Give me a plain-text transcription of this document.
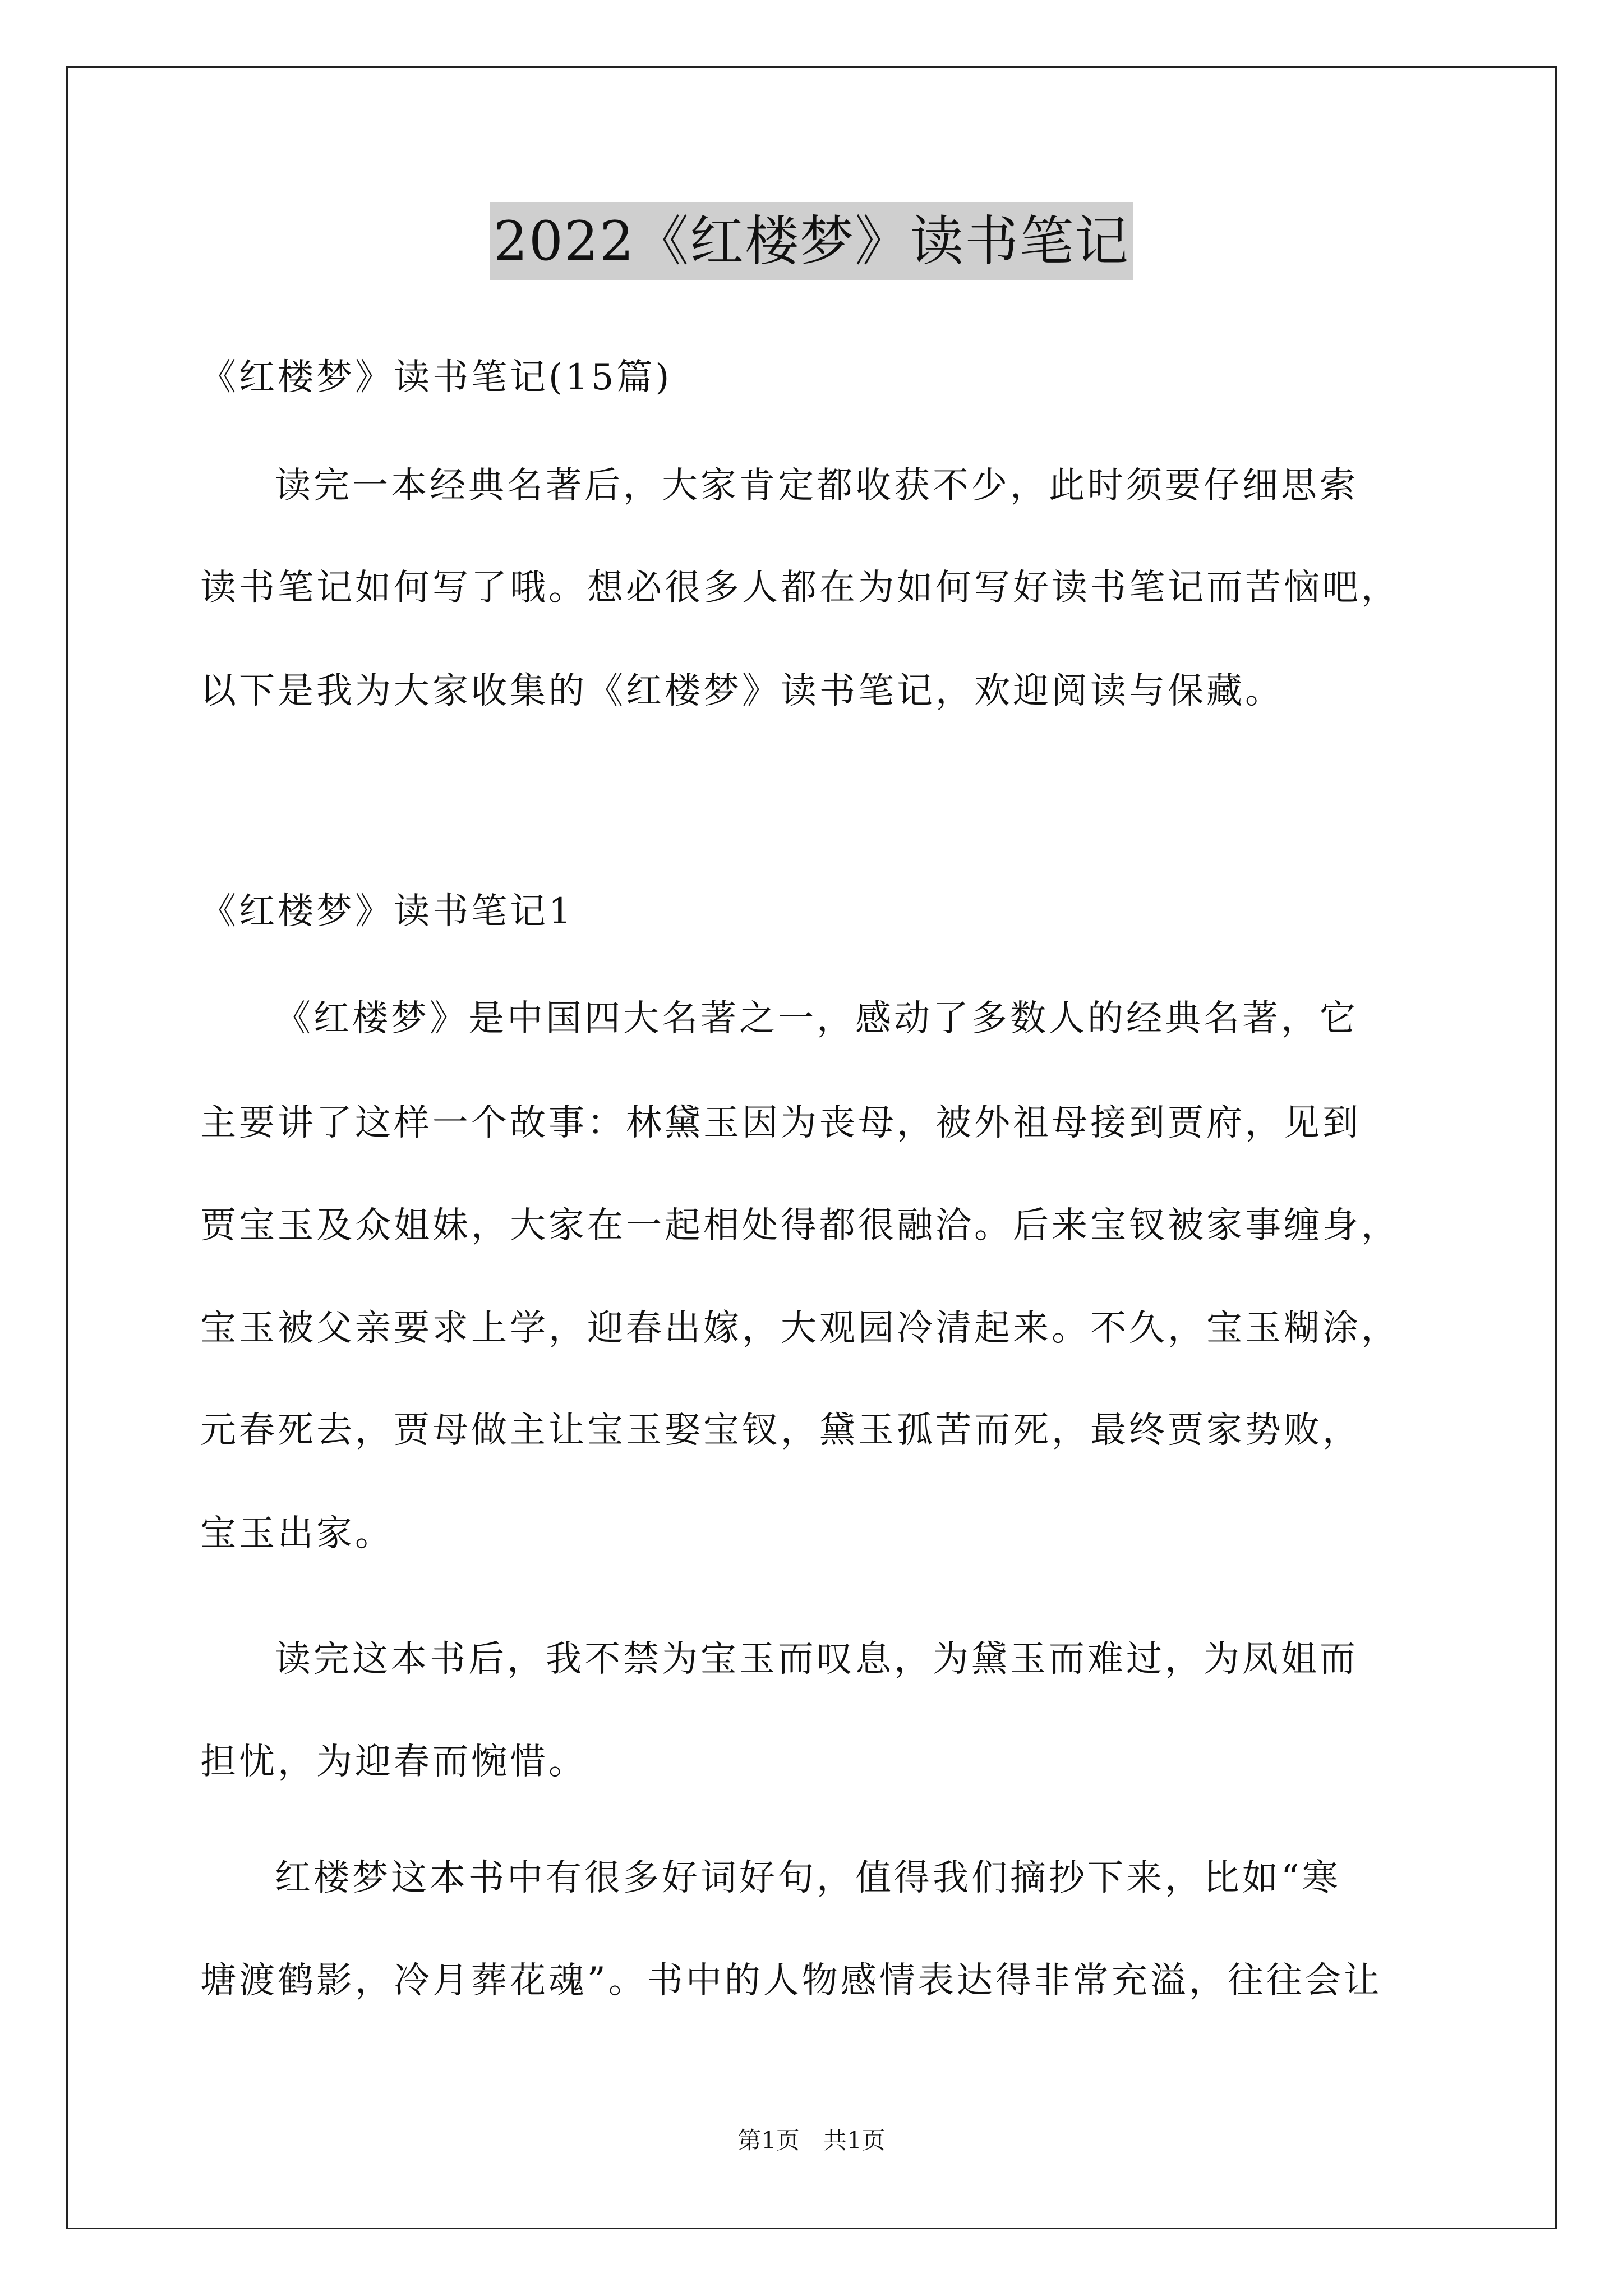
2022《红楼梦》读书笔记
《红楼梦》读书笔记(15篇)
读完一本经典名著后，大家肯定都收获不少，此时须要仔细思索
读书笔记如何写了哦。想必很多人都在为如何写好读书笔记而苦恼吧，
以下是我为大家收集的《红楼梦》读书笔记，欢迎阅读与保藏。
《红楼梦》读书笔记1
《红楼梦》是中国四大名著之一，感动了多数人的经典名著，它
主要讲了这样一个故事：林黛玉因为丧母，被外祖母接到贾府，见到
贾宝玉及众姐妹，大家在一起相处得都很融洽。后来宝钗被家事缠身，
宝玉被父亲要求上学，迎春出嫁，大观园冷清起来。不久，宝玉糊涂，
元春死去，贾母做主让宝玉娶宝钗，黛玉孤苦而死，最终贾家势败，
宝玉出家。
读完这本书后，我不禁为宝玉而叹息，为黛玉而难过，为凤姐而
担忧，为迎春而惋惜。
红楼梦这本书中有很多好词好句，值得我们摘抄下来，比如“寒
塘渡鹤影，冷月葬花魂”。书中的人物感情表达得非常充溢，往往会让
第1页　共1页
